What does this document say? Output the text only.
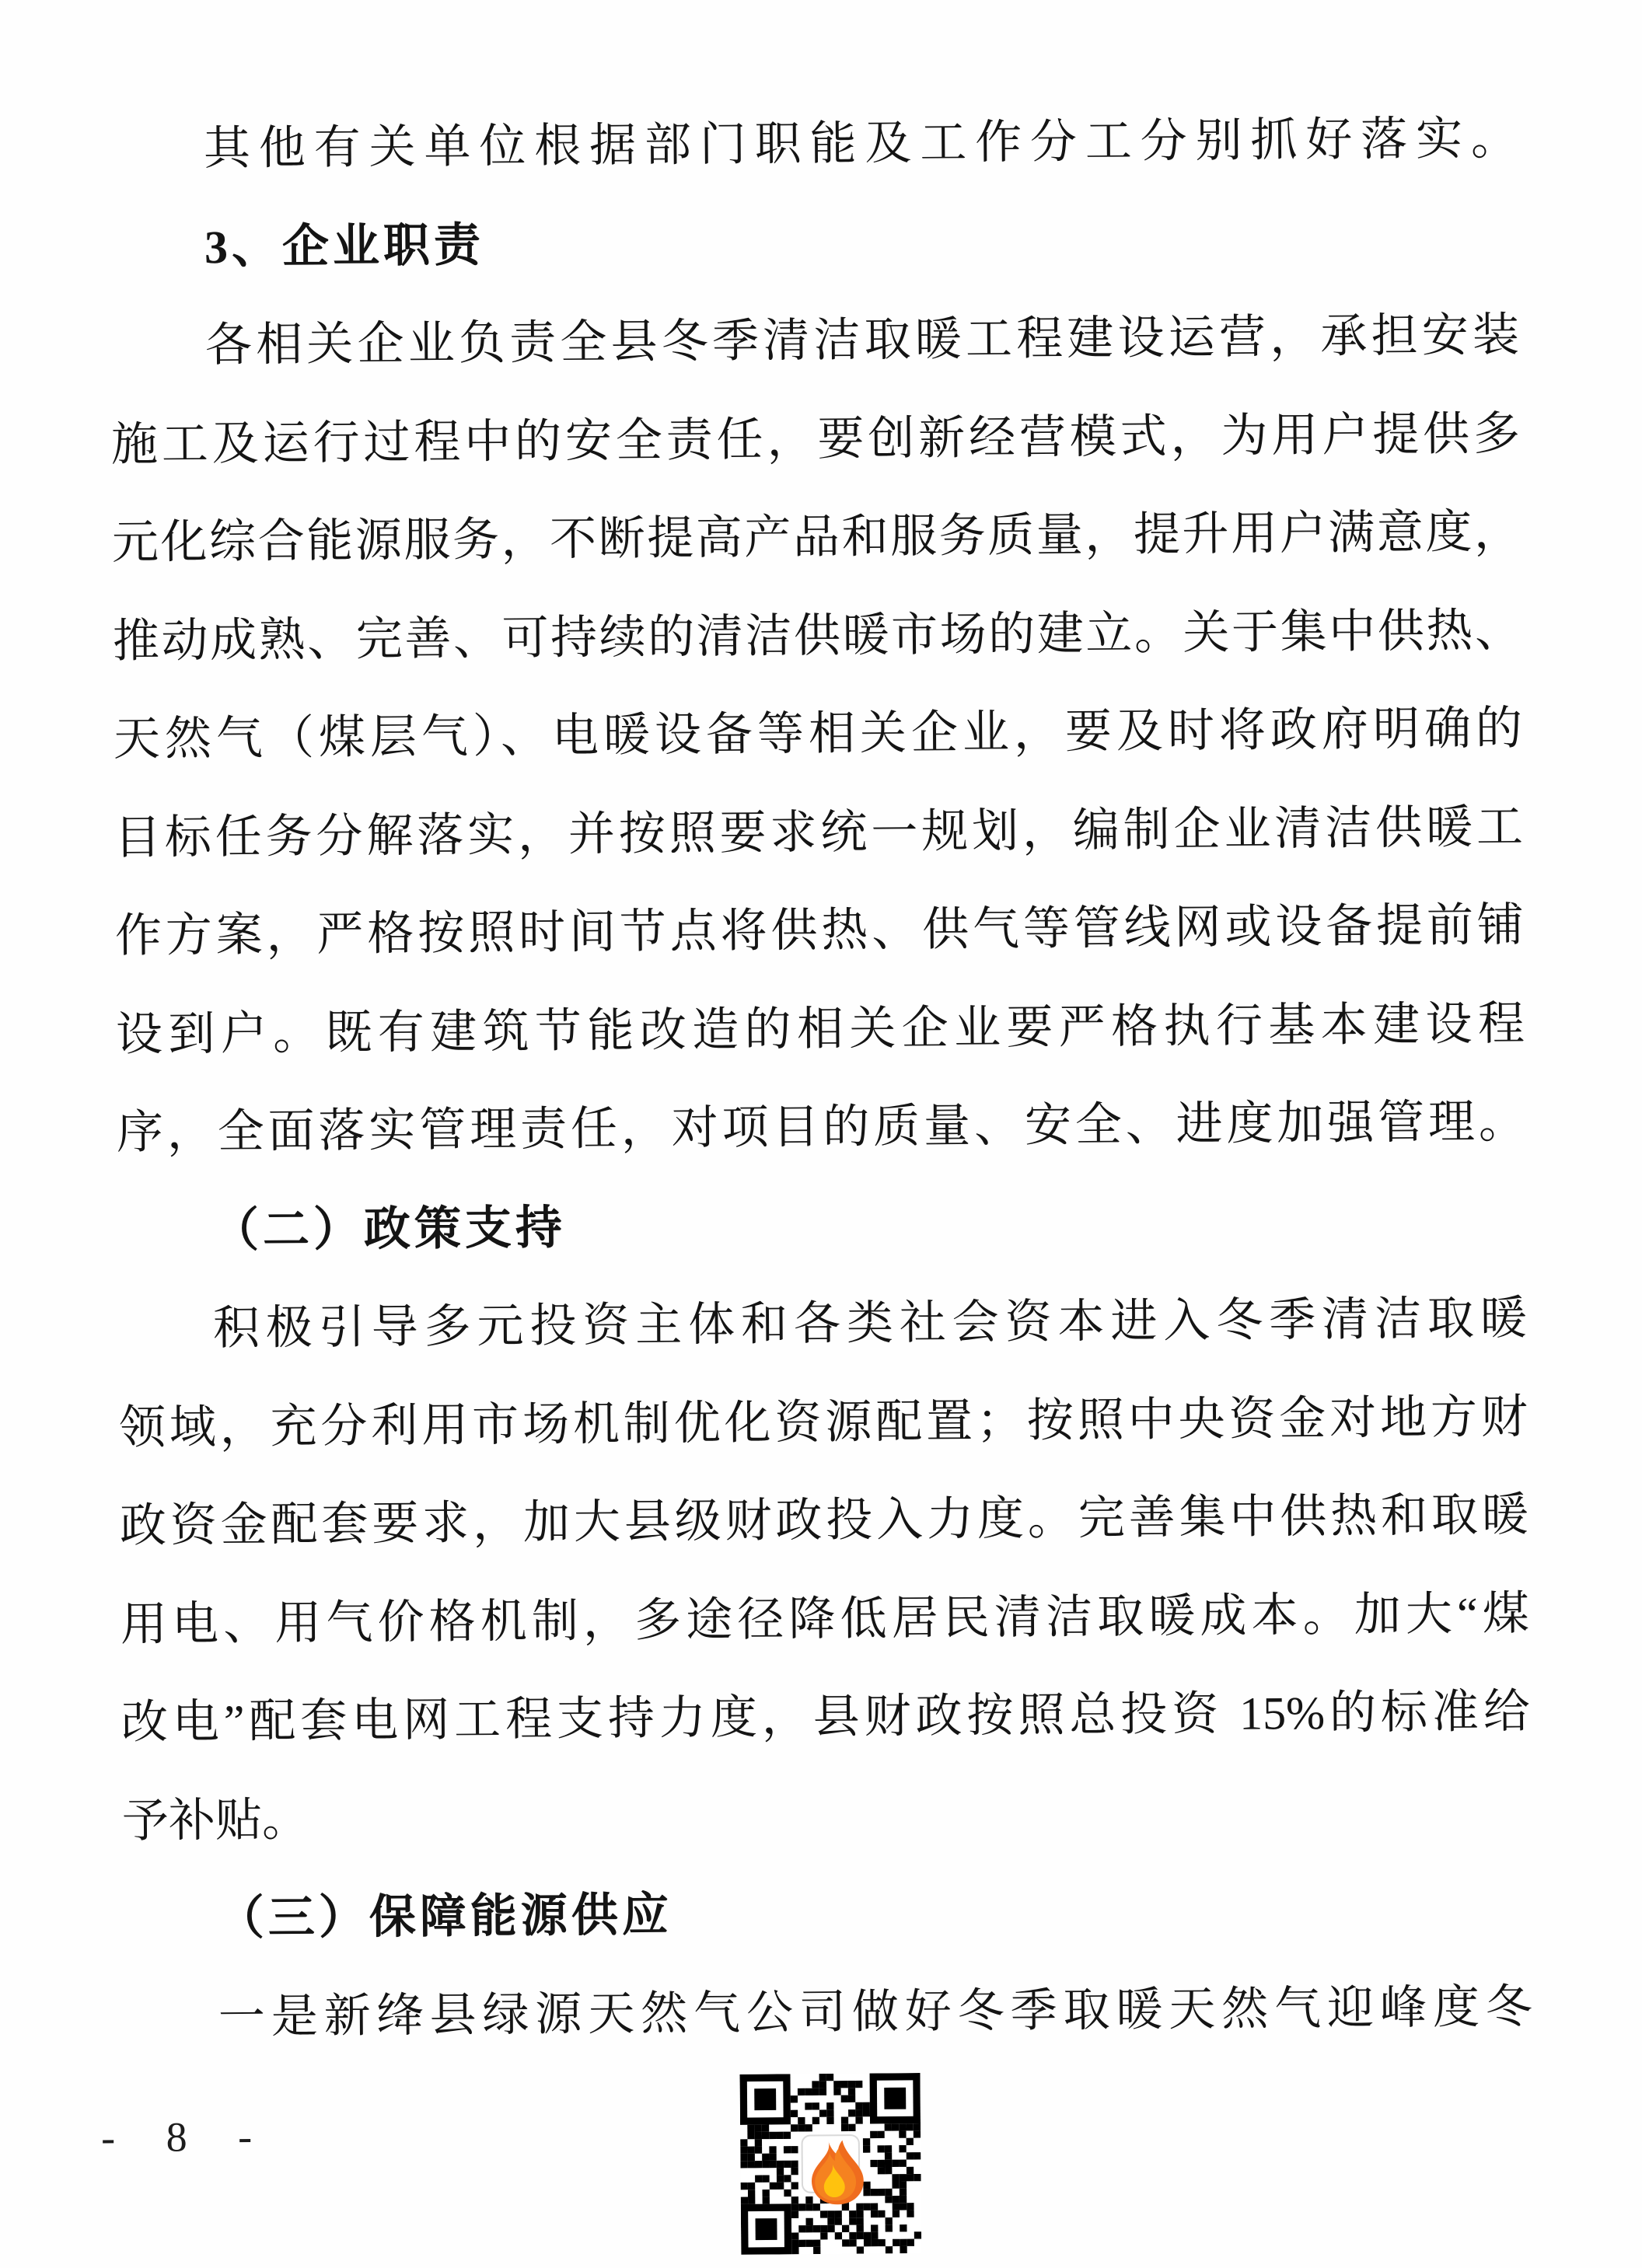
其他有关单位根据部门职能及工作分工分别抓好落实。
3、企业职责
各相关企业负责全县冬季清洁取暖工程建设运营，承担安装
施工及运行过程中的安全责任，要创新经营模式，为用户提供多
元化综合能源服务，不断提高产品和服务质量，提升用户满意度，
推动成熟、完善、可持续的清洁供暖市场的建立。关于集中供热、
天然气（煤层气）、电暖设备等相关企业，要及时将政府明确的
目标任务分解落实，并按照要求统一规划，编制企业清洁供暖工
作方案，严格按照时间节点将供热、供气等管线网或设备提前铺
设到户。既有建筑节能改造的相关企业要严格执行基本建设程
序，全面落实管理责任，对项目的质量、安全、进度加强管理。
（二）政策支持
积极引导多元投资主体和各类社会资本进入冬季清洁取暖
领域，充分利用市场机制优化资源配置；按照中央资金对地方财
政资金配套要求，加大县级财政投入力度。完善集中供热和取暖
用电、用气价格机制，多途径降低居民清洁取暖成本。加大“煤
改电”配套电网工程支持力度，县财政按照总投资 15%的标准给
予补贴。
（三）保障能源供应
一是新绛县绿源天然气公司做好冬季取暖天然气迎峰度冬
- 8 -
